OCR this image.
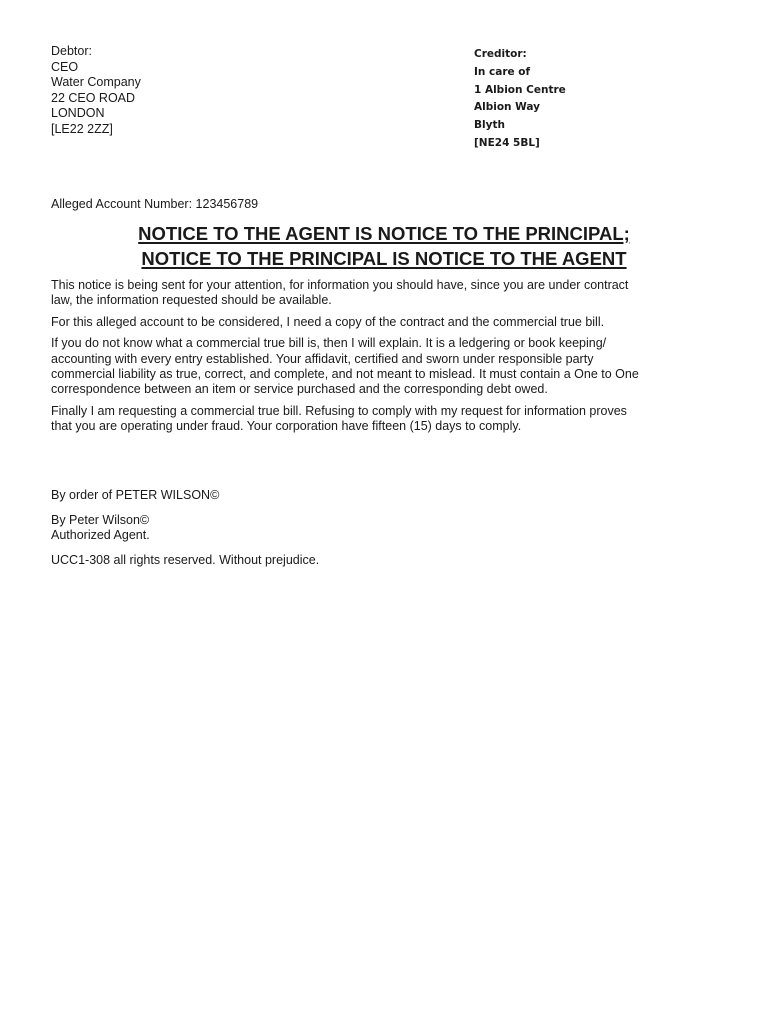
Debtor:
CEO
Water Company
22 CEO ROAD
LONDON
[LE22 2ZZ]
Creditor:
In care of
1 Albion Centre
Albion Way
Blyth
[NE24 5BL]
Alleged Account Number: 123456789
NOTICE TO THE AGENT IS NOTICE TO THE PRINCIPAL;
NOTICE TO THE PRINCIPAL IS NOTICE TO THE AGENT

This notice is being sent for your attention, for information you should have, since you are under contract
law, the information requested should be available.

For this alleged account to be considered, I need a copy of the contract and the commercial true bill.

If you do not know what a commercial true bill is, then I will explain. It is a ledgering or book keeping/
accounting with every entry established. Your affidavit, certified and sworn under responsible party
commercial liability as true, correct, and complete, and not meant to mislead. It must contain a One to One
correspondence between an item or service purchased and the corresponding debt owed.

Finally I am requesting a commercial true bill. Refusing to comply with my request for information proves
that you are operating under fraud. Your corporation have fifteen (15) days to comply.

By order of PETER WILSON©

By Peter Wilson©
Authorized Agent.

UCC1-308 all rights reserved. Without prejudice.
